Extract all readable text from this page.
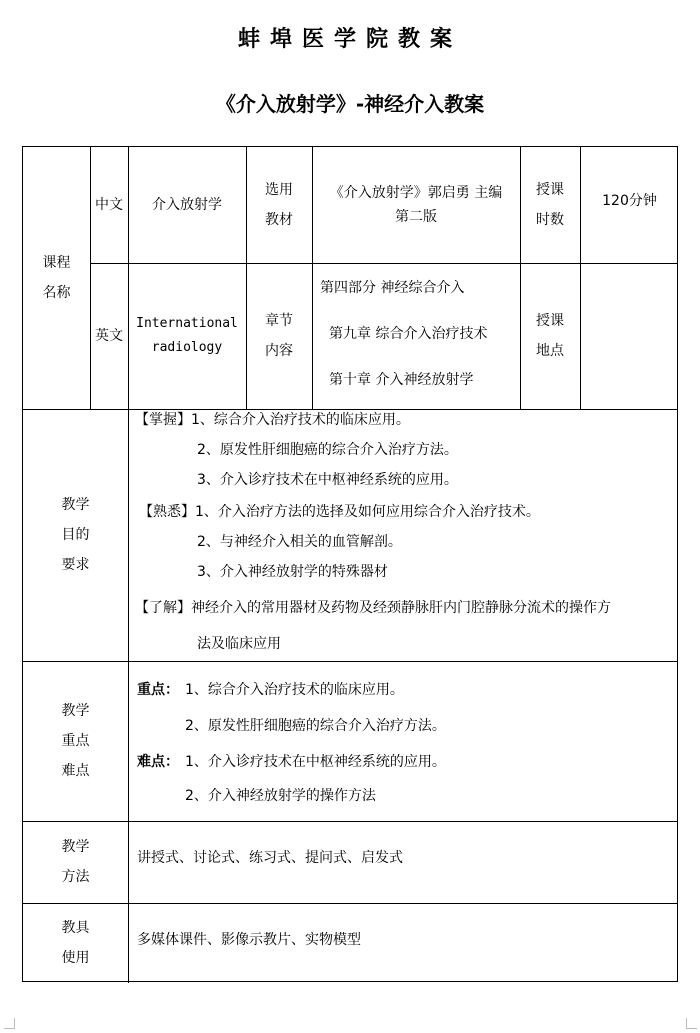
蚌埠医学院教案
《介入放射学》-神经介入教案
课程名称
中文 介入放射学
选用教材
《介入放射学》郭启勇 主编
第二版
授课时数
120分钟
英文
International
radiology
章节内容
第四部分 神经综合介入
第九章 综合介入治疗技术
第十章 介入神经放射学
授课地点
教学目的要求
【掌握】 1、综合介入治疗技术的临床应用。
2、原发性肝细胞癌的综合介入治疗方法。
3、介入诊疗技术在中枢神经系统的应用。
【熟悉】 1、介入治疗方法的选择及如何应用综合介入治疗技术。
2、与神经介入相关的血管解剖。
3、介入神经放射学的特殊器材
【了解】 神经介入的常用器材及药物及经颈静脉肝内门腔静脉分流术的操作方
法及临床应用
教学重点难点
重点： 1、综合介入治疗技术的临床应用。
2、原发性肝细胞癌的综合介入治疗方法。
难点： 1、介入诊疗技术在中枢神经系统的应用。
2、介入神经放射学的操作方法
教学方法
讲授式、讨论式、练习式、提问式、启发式
教具使用
多媒体课件、影像示教片、实物模型
